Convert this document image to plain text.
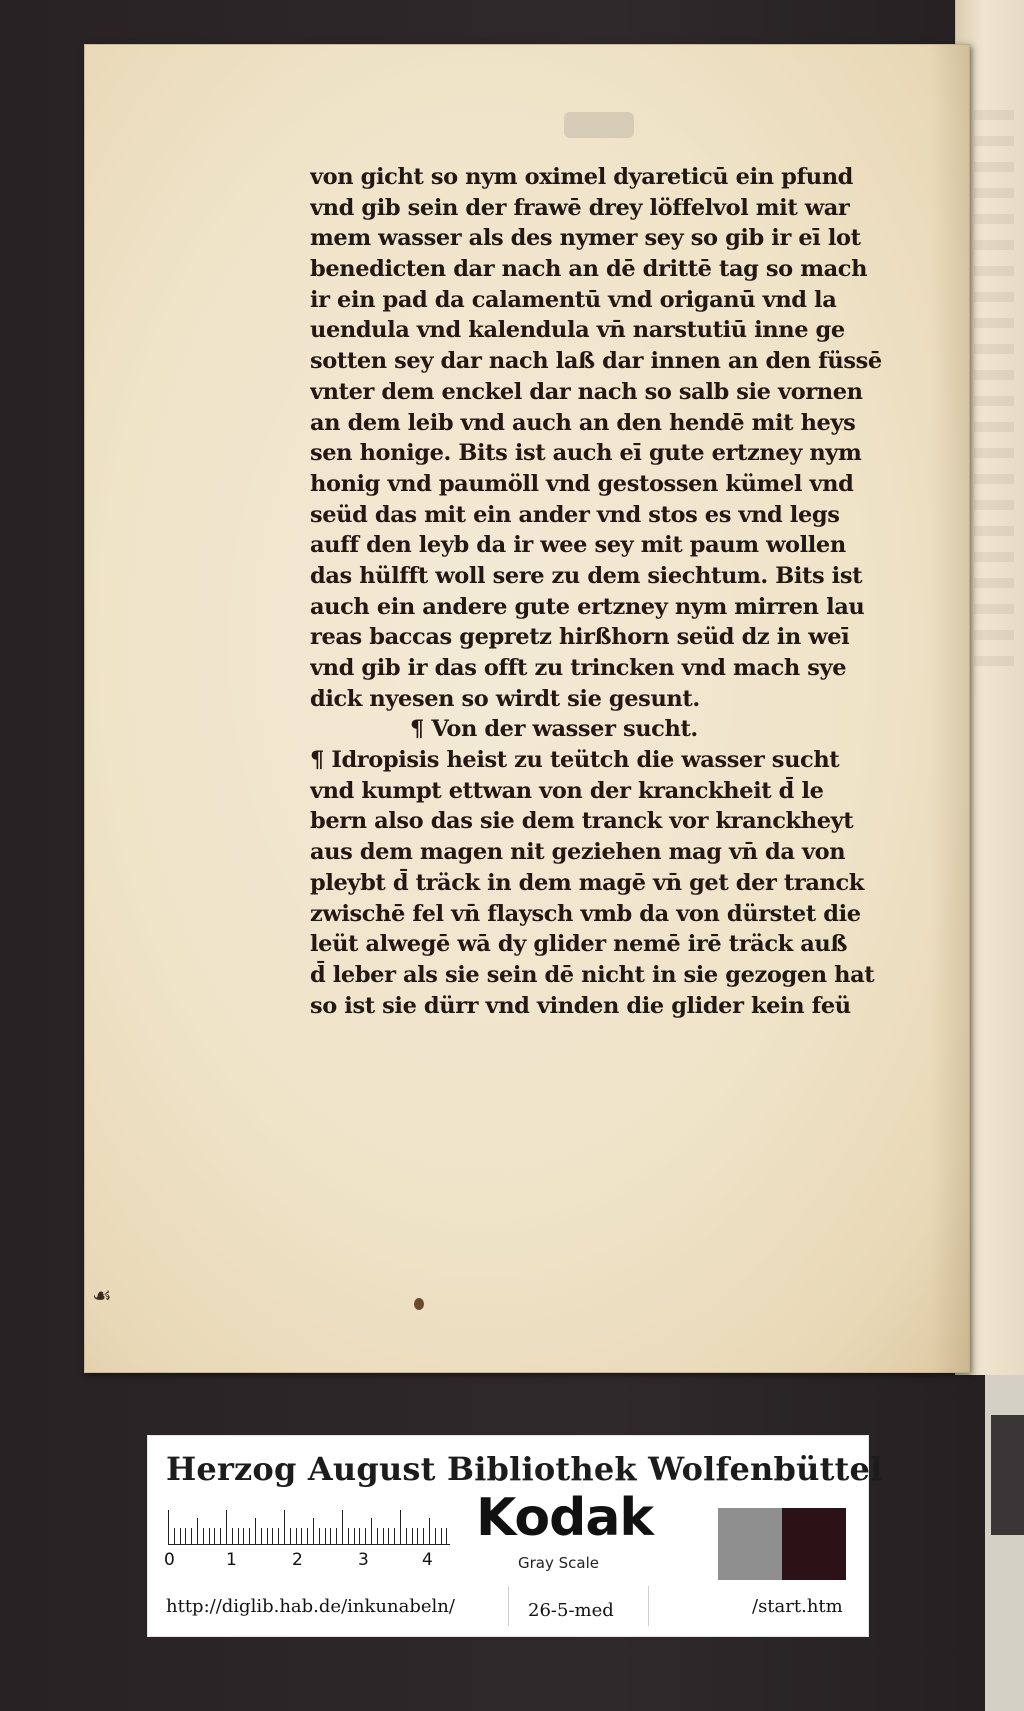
von gicht so nym oximel dyareticū ein pfund
vnd gib sein der frawē drey löffelvol mit war
mem wasser als des nymer sey so gib ir eī lot
benedicten dar nach an dē drittē tag so mach
ir ein pad da calamentū vnd origanū vnd la
uendula vnd kalendula vn̄ narstutiū inne ge
sotten sey dar nach laß dar innen an den füssē
vnter dem enckel dar nach so salb sie vornen
an dem leib vnd auch an den hendē mit heys
sen honige. Bits ist auch eī gute ertzney nym
honig vnd paumöll vnd gestossen kümel vnd
seüd das mit ein ander vnd stos es vnd legs
auff den leyb da ir wee sey mit paum wollen
das hülfft woll sere zu dem siechtum. Bits ist
auch ein andere gute ertzney nym mirren lau
reas baccas gepretz hirßhorn seüd dz in weī
vnd gib ir das offt zu trincken vnd mach sye
dick nyesen so wirdt sie gesunt.
¶ Von der wasser sucht.
¶ Idropisis heist zu teütch die wasser sucht
vnd kumpt ettwan von der kranckheit d̄ le
bern also das sie dem tranck vor kranckheyt
aus dem magen nit geziehen mag vn̄ da von
pleybt d̄ träck in dem magē vn̄ get der tranck
zwischē fel vn̄ flaysch vmb da von dürstet die
leüt alwegē wā dy glider nemē irē träck auß
d̄ leber als sie sein dē nicht in sie gezogen hat
so ist sie dürr vnd vinden die glider kein feü
☙
Herzog August Bibliothek Wolfenbüttel
0	1	2	3	4
Kodak
Gray Scale
http://diglib.hab.de/inkunabeln/	26-5-med	/start.htm
